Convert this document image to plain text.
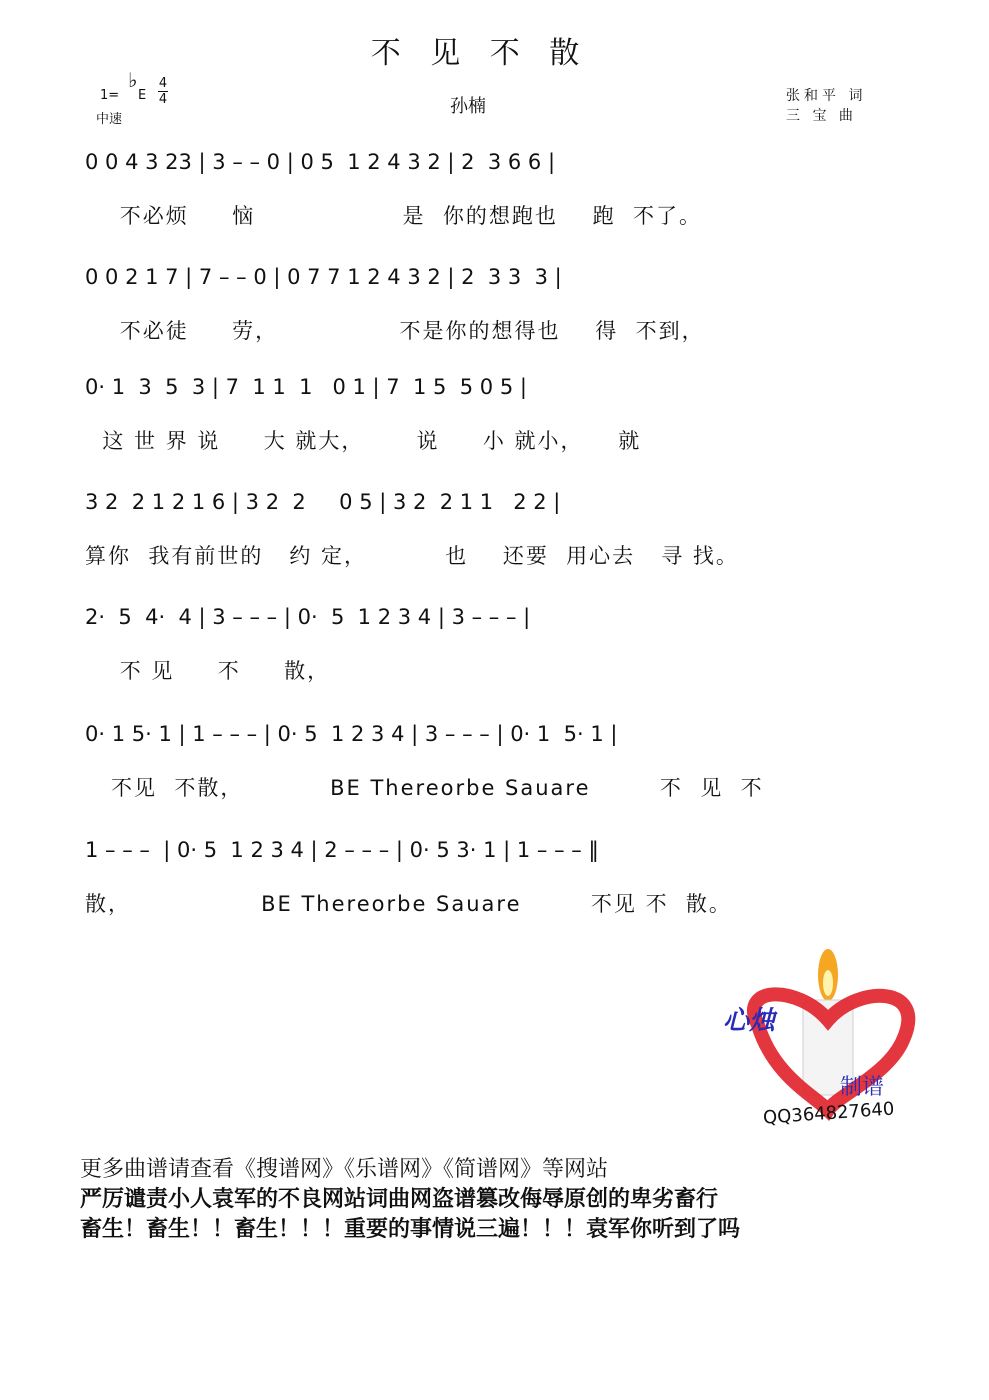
不 见 不 散
1=
♭
E
4
4
中速
孙楠	张和平 词
三 宝 曲
0 0 4 3 23 | 3 – – 0 | 0 5  1 2 4 3 2 | 2  3 6 6 |
不必烦     恼                 是  你的想跑也    跑  不了。
0 0 2 1 7 | 7 – – 0 | 0 7 7 1 2 4 3 2 | 2  3 3  3 |
不必徒     劳，              不是你的想得也    得  不到，
0· 1  3  5  3 | 7  1 1  1   0 1 | 7  1 5  5 0 5 |
这 世 界 说     大 就大，      说     小 就小，    就
3 2  2 1 2 1 6 | 3 2  2     0 5 | 3 2  2 1 1   2 2 |
算你  我有前世的   约 定，         也    还要  用心去   寻 找。
2·  5  4·  4 | 3 – – – | 0·  5  1 2 3 4 | 3 – – – |
不 见     不     散，
0· 1 5· 1 | 1 – – – | 0· 5  1 2 3 4 | 3 – – – | 0· 1  5· 1 |
不见  不散，          BE Thereorbe Sauare        不  见  不
1 – – –  | 0· 5  1 2 3 4 | 2 – – – | 0· 5 3· 1 | 1 – – – ‖
散，               BE Thereorbe Sauare        不见 不  散。
心烛
制谱
QQ364827640
更多曲谱请查看《搜谱网》《乐谱网》《简谱网》等网站
严厉谴责小人袁军的不良网站词曲网盗谱篡改侮辱原创的卑劣畜行
畜生！畜生！！畜生！！！重要的事情说三遍！！！袁军你听到了吗
